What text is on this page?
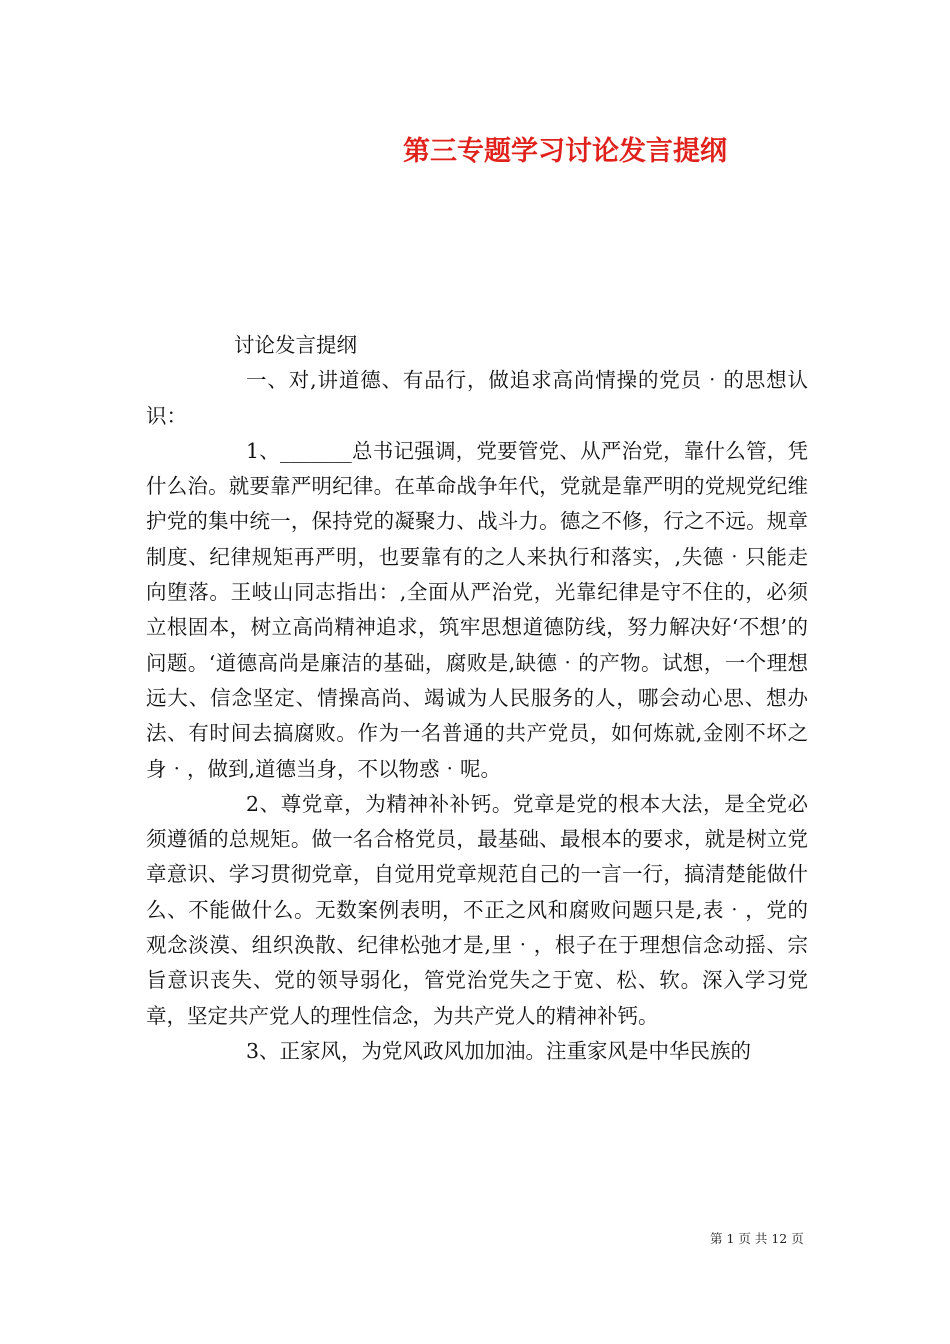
第三专题学习讨论发言提纲

讨论发言提纲

一、对,讲道德、有品行，做追求高尚情操的党员‧的思想认识：

1、_______总书记强调，党要管党、从严治党，靠什么管，凭什么治。就要靠严明纪律。在革命战争年代，党就是靠严明的党规党纪维护党的集中统一，保持党的凝聚力、战斗力。德之不修，行之不远。规章制度、纪律规矩再严明，也要靠有的之人来执行和落实，,失德‧只能走向堕落。王岐山同志指出：,全面从严治党，光靠纪律是守不住的，必须立根固本，树立高尚精神追求，筑牢思想道德防线，努力解决好‘不想’的问题。‘道德高尚是廉洁的基础，腐败是,缺德‧的产物。试想，一个理想远大、信念坚定、情操高尚、竭诚为人民服务的人，哪会动心思、想办法、有时间去搞腐败。作为一名普通的共产党员，如何炼就,金刚不坏之身‧，做到,道德当身，不以物惑‧呢。

2、尊党章，为精神补补钙。党章是党的根本大法，是全党必须遵循的总规矩。做一名合格党员，最基础、最根本的要求，就是树立党章意识、学习贯彻党章，自觉用党章规范自己的一言一行，搞清楚能做什么、不能做什么。无数案例表明，不正之风和腐败问题只是,表‧，党的观念淡漠、组织涣散、纪律松弛才是,里‧，根子在于理想信念动摇、宗旨意识丧失、党的领导弱化，管党治党失之于宽、松、软。深入学习党章，坚定共产党人的理性信念，为共产党人的精神补钙。

3、正家风，为党风政风加加油。注重家风是中华民族的

第 1 页 共 12 页
